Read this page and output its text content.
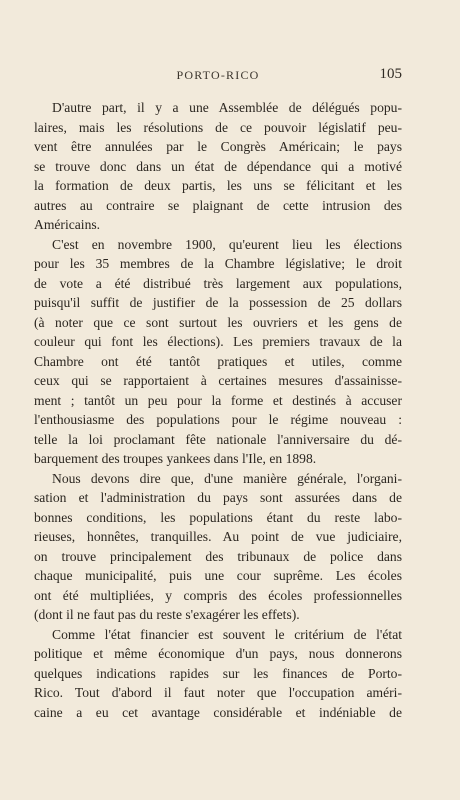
PORTO-RICO	105
D'autre part, il y a une Assemblée de délégués popu-
laires, mais les résolutions de ce pouvoir législatif peu-
vent être annulées par le Congrès Américain; le pays
se trouve donc dans un état de dépendance qui a motivé
la formation de deux partis, les uns se félicitant et les
autres au contraire se plaignant de cette intrusion des
Américains.
C'est en novembre 1900, qu'eurent lieu les élections
pour les 35 membres de la Chambre législative; le droit
de vote a été distribué très largement aux populations,
puisqu'il suffit de justifier de la possession de 25 dollars
(à noter que ce sont surtout les ouvriers et les gens de
couleur qui font les élections). Les premiers travaux de la
Chambre ont été tantôt pratiques et utiles, comme
ceux qui se rapportaient à certaines mesures d'assainisse-
ment ; tantôt un peu pour la forme et destinés à accuser
l'enthousiasme des populations pour le régime nouveau :
telle la loi proclamant fête nationale l'anniversaire du dé-
barquement des troupes yankees dans l'Ile, en 1898.
Nous devons dire que, d'une manière générale, l'organi-
sation et l'administration du pays sont assurées dans de
bonnes conditions, les populations étant du reste labo-
rieuses, honnêtes, tranquilles. Au point de vue judiciaire,
on trouve principalement des tribunaux de police dans
chaque municipalité, puis une cour suprême. Les écoles
ont été multipliées, y compris des écoles professionnelles
(dont il ne faut pas du reste s'exagérer les effets).
Comme l'état financier est souvent le critérium de l'état
politique et même économique d'un pays, nous donnerons
quelques indications rapides sur les finances de Porto-
Rico. Tout d'abord il faut noter que l'occupation améri-
caine a eu cet avantage considérable et indéniable de
